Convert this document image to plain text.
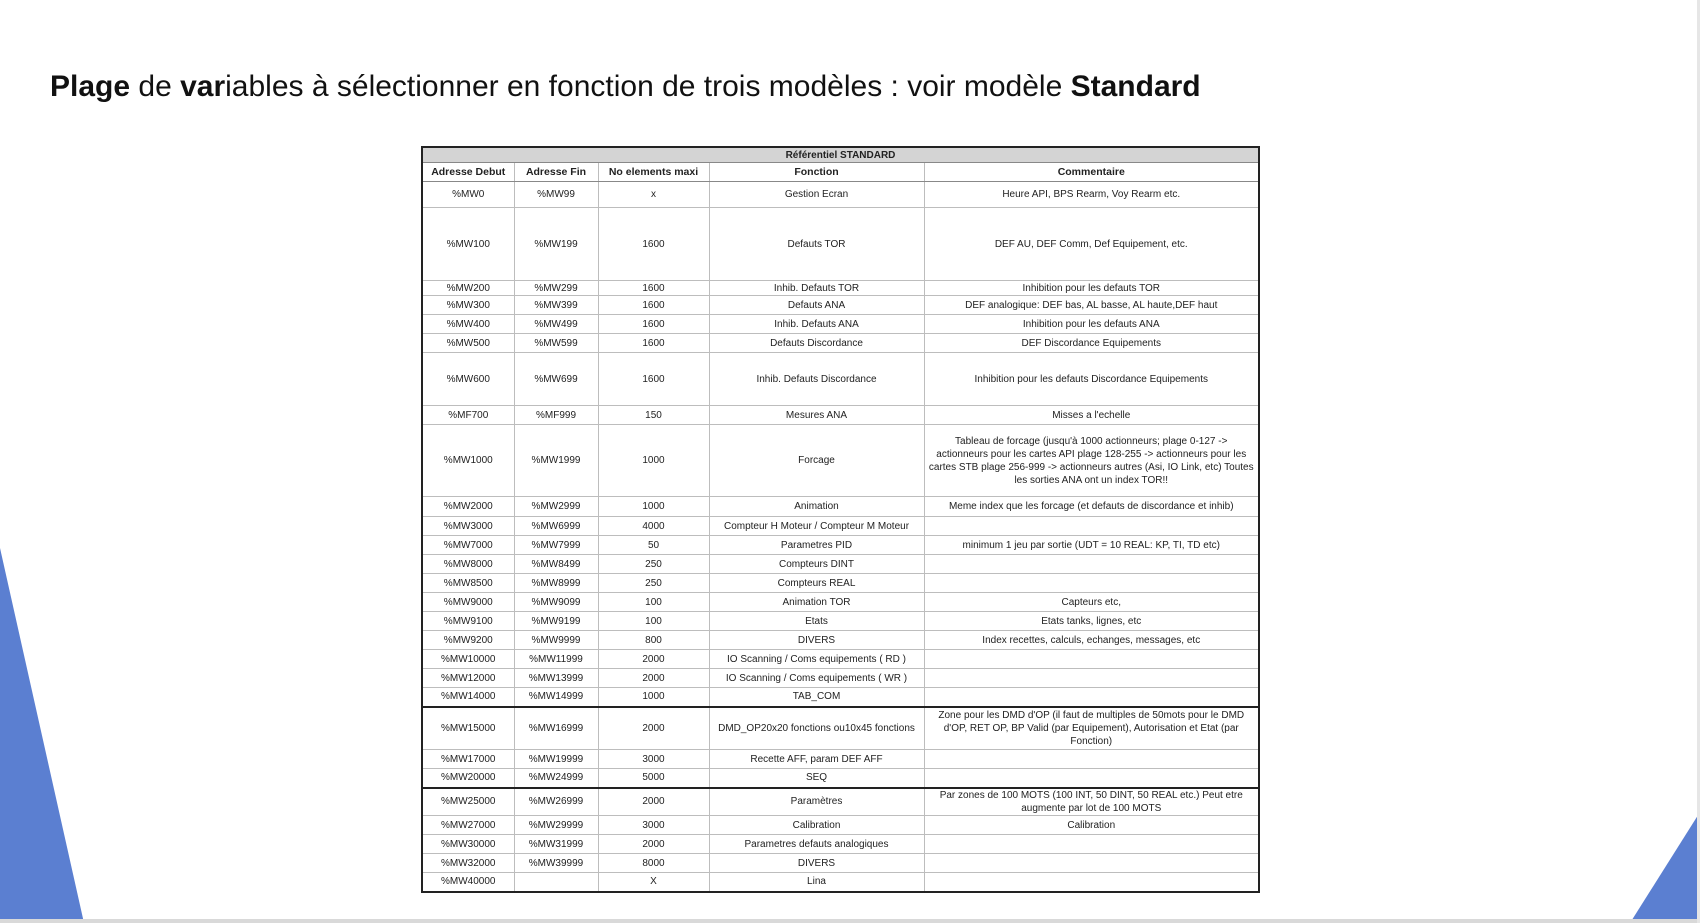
Plage de variables à sélectionner en fonction de trois modèles : voir modèle Standard
Référentiel STANDARD				
Adresse Debut	Adresse Fin	No elements maxi	Fonction	Commentaire
%MW0	%MW99	x	Gestion Ecran	Heure API, BPS Rearm, Voy Rearm etc.
%MW100	%MW199	1600	Defauts TOR	DEF AU, DEF Comm, Def Equipement, etc.
%MW200	%MW299	1600	Inhib. Defauts TOR	Inhibition pour les defauts TOR
%MW300	%MW399	1600	Defauts ANA	DEF analogique: DEF bas, AL basse, AL haute,DEF haut
%MW400	%MW499	1600	Inhib. Defauts ANA	Inhibition pour les defauts ANA
%MW500	%MW599	1600	Defauts Discordance	DEF Discordance Equipements
%MW600	%MW699	1600	Inhib. Defauts Discordance	Inhibition pour les defauts Discordance Equipements
%MF700	%MF999	150	Mesures ANA	Misses a l'echelle
%MW1000	%MW1999	1000	Forcage	Tableau de forcage (jusqu'à 1000 actionneurs; plage 0-127 -> actionneurs pour les cartes API plage 128-255 -> actionneurs pour les cartes STB plage 256-999 -> actionneurs autres (Asi, IO Link, etc) Toutes les sorties ANA ont un index TOR!!
%MW2000	%MW2999	1000	Animation	Meme index que les forcage (et defauts de discordance et inhib)
%MW3000	%MW6999	4000	Compteur H Moteur / Compteur M Moteur	
%MW7000	%MW7999	50	Parametres PID	minimum 1 jeu par sortie (UDT = 10 REAL: KP, TI, TD etc)
%MW8000	%MW8499	250	Compteurs DINT	
%MW8500	%MW8999	250	Compteurs REAL	
%MW9000	%MW9099	100	Animation TOR	Capteurs etc,
%MW9100	%MW9199	100	Etats	Etats tanks, lignes, etc
%MW9200	%MW9999	800	DIVERS	Index recettes, calculs, echanges, messages, etc
%MW10000	%MW11999	2000	IO Scanning / Coms equipements ( RD )	
%MW12000	%MW13999	2000	IO Scanning / Coms equipements ( WR )	
%MW14000	%MW14999	1000	TAB_COM	
%MW15000	%MW16999	2000	DMD_OP20x20 fonctions ou10x45 fonctions	Zone pour les DMD d'OP (il faut de multiples de 50mots pour le DMD d'OP, RET OP, BP Valid (par Equipement), Autorisation et Etat (par Fonction)
%MW17000	%MW19999	3000	Recette AFF, param DEF AFF	
%MW20000	%MW24999	5000	SEQ	
%MW25000	%MW26999	2000	Paramètres	Par zones de 100 MOTS (100 INT, 50 DINT, 50 REAL etc.) Peut etre augmente par lot de 100 MOTS
%MW27000	%MW29999	3000	Calibration	Calibration
%MW30000	%MW31999	2000	Parametres defauts analogiques	
%MW32000	%MW39999	8000	DIVERS	
%MW40000		X	Lina	
